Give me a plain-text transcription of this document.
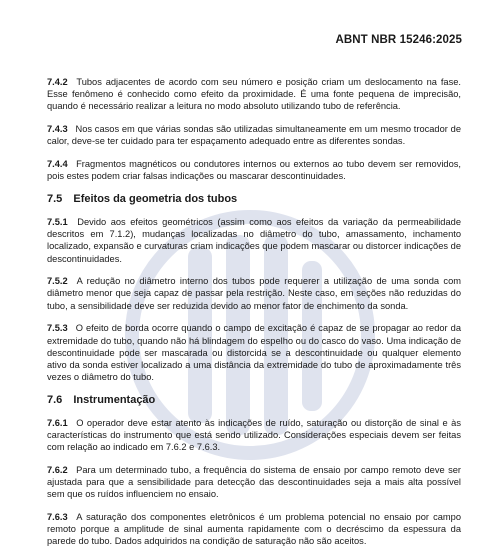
ABNT NBR 15246:2025

7.4.2 Tubos adjacentes de acordo com seu número e posição criam um deslocamento na fase. Esse fenômeno é conhecido como efeito da proximidade. É uma fonte pequena de imprecisão, quando é necessário realizar a leitura no modo absoluto utilizando tubo de referência.

7.4.3 Nos casos em que várias sondas são utilizadas simultaneamente em um mesmo trocador de calor, deve-se ter cuidado para ter espaçamento adequado entre as diferentes sondas.

7.4.4 Fragmentos magnéticos ou condutores internos ou externos ao tubo devem ser removidos, pois estes podem criar falsas indicações ou mascarar descontinuidades.

7.5 Efeitos da geometria dos tubos

7.5.1 Devido aos efeitos geométricos (assim como aos efeitos da variação da permeabilidade descritos em 7.1.2), mudanças localizadas no diâmetro do tubo, amassamento, inchamento localizado, expansão e curvaturas criam indicações que podem mascarar ou distorcer indicações de descontinuidades.

7.5.2 A redução no diâmetro interno dos tubos pode requerer a utilização de uma sonda com diâmetro menor que seja capaz de passar pela restrição. Neste caso, em seções não reduzidas do tubo, a sensibilidade deve ser reduzida devido ao menor fator de enchimento da sonda.

7.5.3 O efeito de borda ocorre quando o campo de excitação é capaz de se propagar ao redor da extremidade do tubo, quando não há blindagem do espelho ou do casco do vaso. Uma indicação de descontinuidade pode ser mascarada ou distorcida se a descontinuidade ou qualquer elemento ativo da sonda estiver localizado a uma distância da extremidade do tubo de aproximadamente três vezes o diâmetro do tubo.

7.6 Instrumentação

7.6.1 O operador deve estar atento às indicações de ruído, saturação ou distorção de sinal e às características do instrumento que está sendo utilizado. Considerações especiais devem ser feitas com relação ao indicado em 7.6.2 e 7.6.3.

7.6.2 Para um determinado tubo, a frequência do sistema de ensaio por campo remoto deve ser ajustada para que a sensibilidade para detecção das descontinuidades seja a mais alta possível sem que os ruídos influenciem no ensaio.

7.6.3 A saturação dos componentes eletrônicos é um problema potencial no ensaio por campo remoto porque a amplitude de sinal aumenta rapidamente com o decréscimo da espessura da parede do tubo. Dados adquiridos na condição de saturação não são aceitos.
